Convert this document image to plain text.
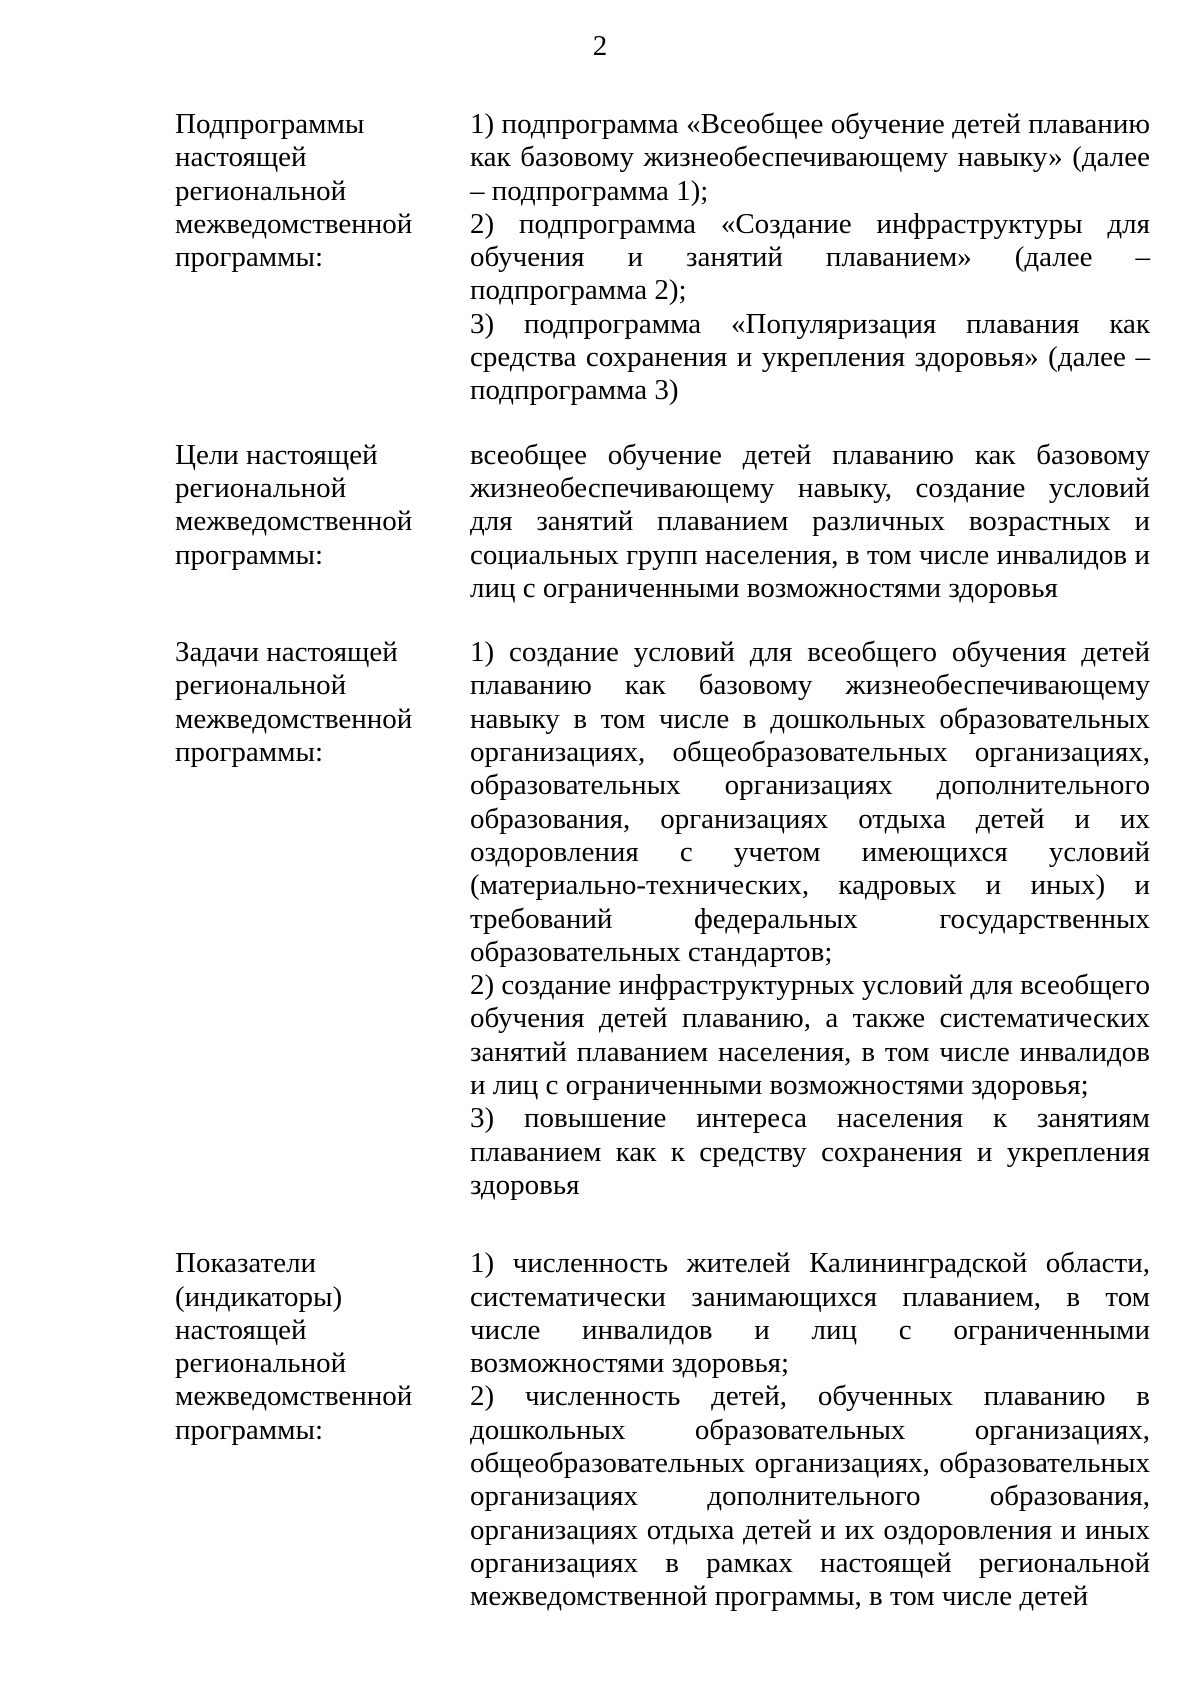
2
Подпрограммы настоящей региональной межведомственной программы:

1) подпрограмма «Всеобщее обучение детей плаванию как базовому жизнеобеспечивающему навыку» (далее – подпрограмма 1);

2) подпрограмма «Создание инфраструктуры для обучения и занятий плаванием» (далее – подпрограмма 2);

3) подпрограмма «Популяризация плавания как средства сохранения и укрепления здоровья» (далее – подпрограмма 3)

Цели настоящей региональной межведомственной программы:

всеобщее обучение детей плаванию как базовому жизнеобеспечивающему навыку, создание условий для занятий плаванием различных возрастных и социальных групп населения, в том числе инвалидов и лиц с ограниченными возможностями здоровья

Задачи настоящей региональной межведомственной программы:

1) создание условий для всеобщего обучения детей плаванию как базовому жизнеобеспечивающему навыку в том числе в дошкольных образовательных организациях, общеобразовательных организациях, образовательных организациях дополнительного образования, организациях отдыха детей и их оздоровления с учетом имеющихся условий (материально-технических, кадровых и иных) и требований федеральных государственных образовательных стандартов;

2) создание инфраструктурных условий для всеобщего обучения детей плаванию, а также систематических занятий плаванием населения, в том числе инвалидов и лиц с ограниченными возможностями здоровья;

3) повышение интереса населения к занятиям плаванием как к средству сохранения и укрепления здоровья

Показатели (индикаторы) настоящей региональной межведомственной программы:

1) численность жителей Калининградской области, систематически занимающихся плаванием, в том числе инвалидов и лиц с ограниченными возможностями здоровья;

2) численность детей, обученных плаванию в дошкольных образовательных организациях, общеобразовательных организациях, образовательных организациях дополнительного образования, организациях отдыха детей и их оздоровления и иных организациях в рамках настоящей региональной межведомственной программы, в том числе детей
